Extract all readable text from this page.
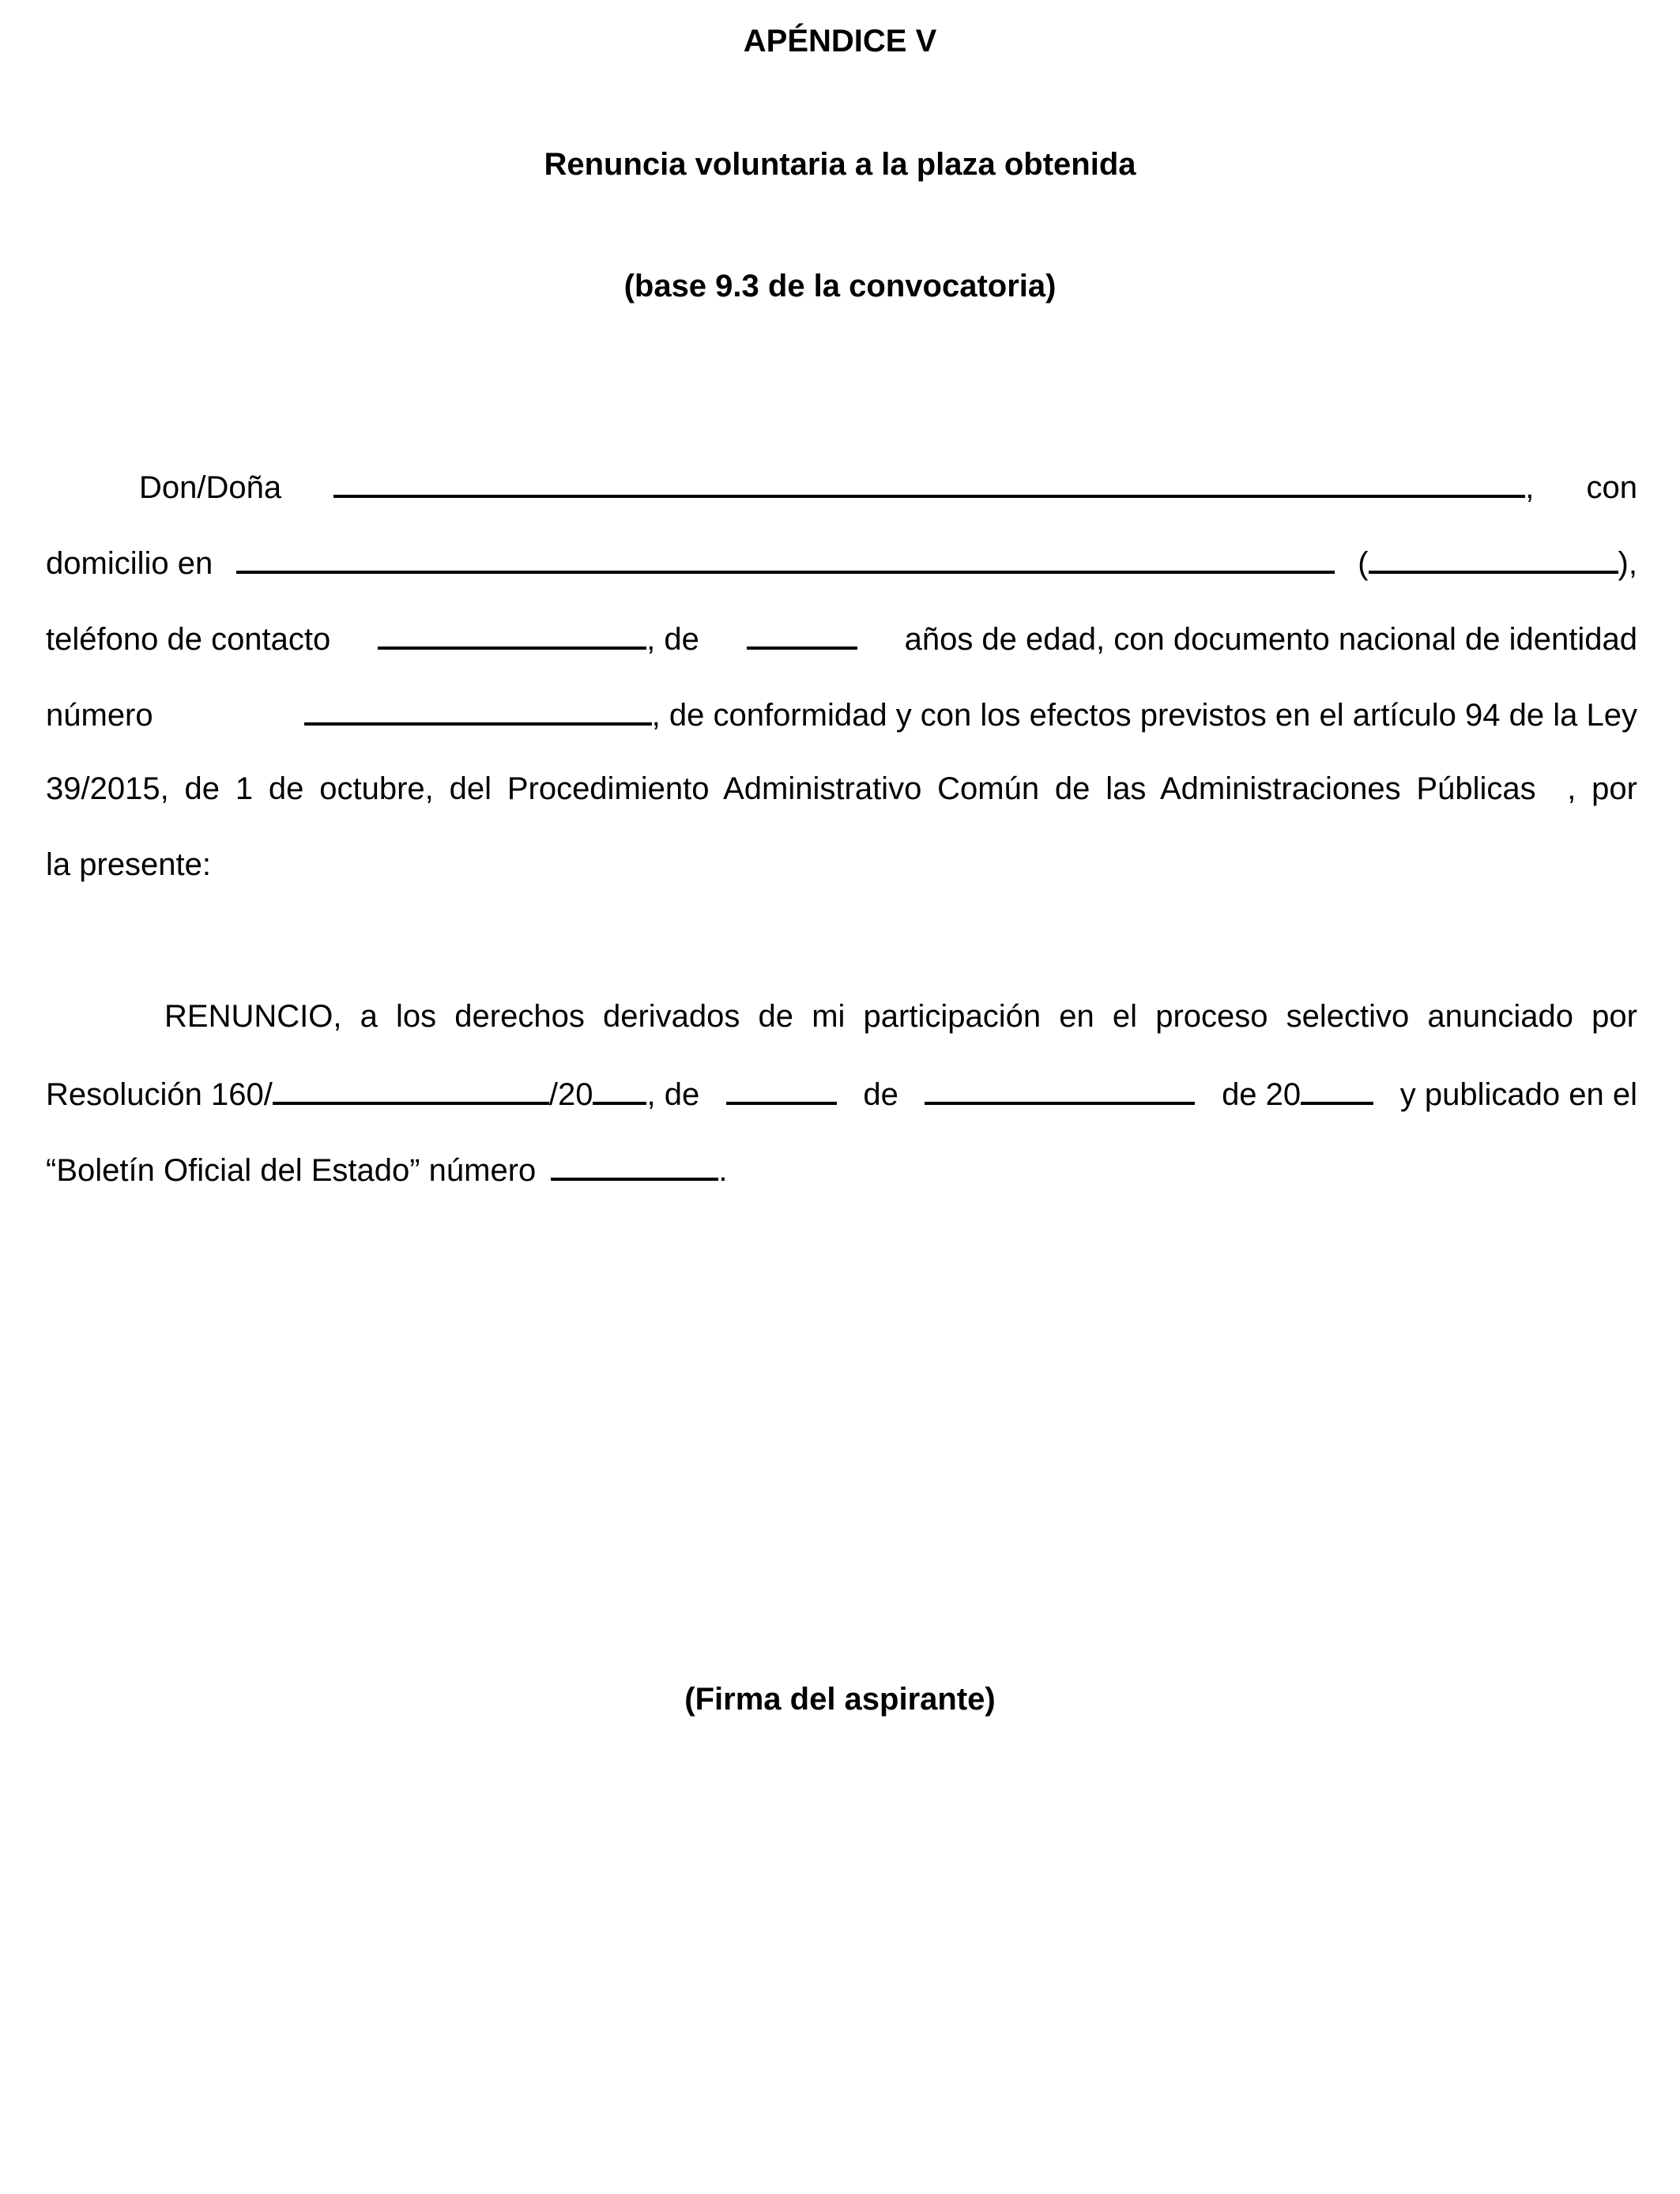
APÉNDICE V
Renuncia voluntaria a la plaza obtenida
(base 9.3 de la convocatoria)
Don/Doña	, con
domicilio en	(	),
teléfono de contacto	, de	años de edad, con documento nacional de identidad
número	, de conformidad y con los efectos previstos en el artículo 94 de la Ley
39/2015, de 1 de octubre, del Procedimiento Administrativo Común de las Administraciones Públicas  , por
la presente:
RENUNCIO, a los derechos derivados de mi participación en el proceso selectivo anunciado por
Resolución 160/	/20 , de	de	de 20	y publicado en el
“Boletín Oficial del Estado” número	.
(Firma del aspirante)
